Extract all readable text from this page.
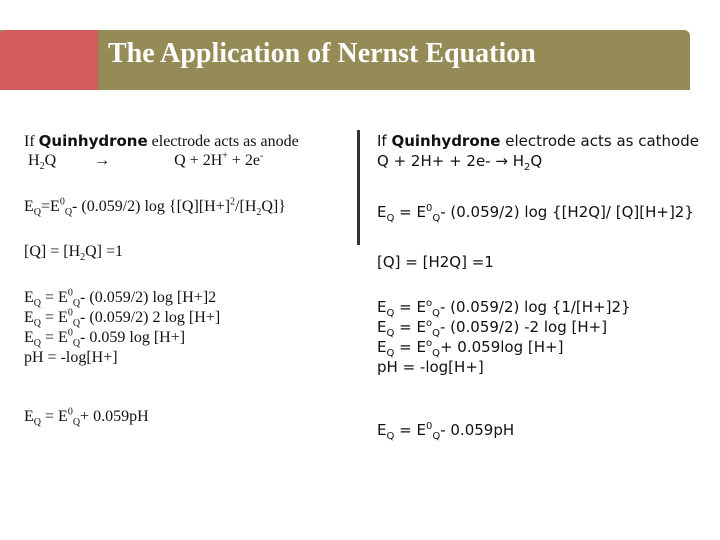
The Application of Nernst Equation
If Quinhydrone electrode acts as anode
$H_2Q$ →	Q + 2H+ + 2e-
$E_Q=E^0_Q-$ (0.059/2) $\log \{[Q][H+]^2/[H_2Q]\}$
$[Q] = [H_2Q] =1$
$E_Q = E^0_Q-$ (0.059/2) log [H+]2
$E_Q = E^0_Q-$ (0.059/2) 2 log [H+]
$E_Q = E^0_Q-$ 0.059 log [H+]
pH = -log[H+]
$E_Q = E^0_Q+ 0.059pH$
If Quinhydrone electrode acts as cathode
$Q + 2H+ + 2e- \to H_2Q$
$E_Q = E^0_Q-$ (0.059/2) log {[H2Q]/ [Q][H+]2}
[Q] = [H2Q] =1
$E_Q = E^o_Q-$ (0.059/2) log {1/[H+]2}
$E_Q = E^o_Q-$ (0.059/2) -2 log [H+]
$E_Q = E^o_Q+ 0.059\log$ [H+]
pH = -log[H+]
$E_Q = E^0_Q-$ 0.059pH
